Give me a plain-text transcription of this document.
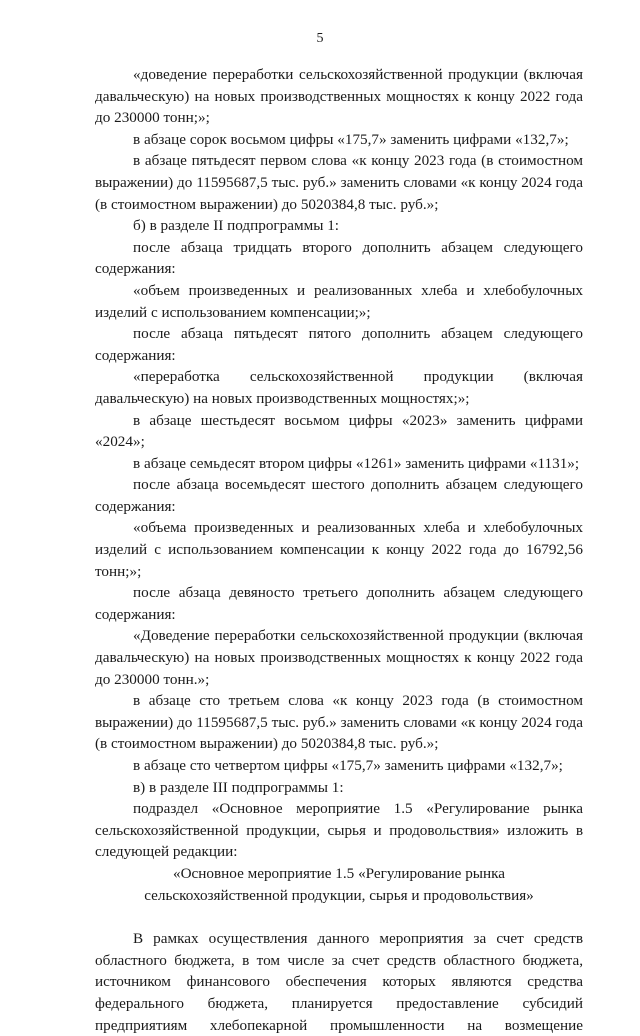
5

«доведение переработки сельскохозяйственной продукции (включая давальческую) на новых производственных мощностях к концу 2022 года до 230000 тонн;»;

в абзаце сорок восьмом цифры «175,7» заменить цифрами «132,7»;

в абзаце пятьдесят первом слова «к концу 2023 года (в стоимостном выражении) до 11595687,5 тыс. руб.» заменить словами «к концу 2024 года (в стоимостном выражении) до 5020384,8 тыс. руб.»;

б) в разделе II подпрограммы 1:

после абзаца тридцать второго дополнить абзацем следующего содержания:

«объем произведенных и реализованных хлеба и хлебобулочных изделий с использованием компенсации;»;

после абзаца пятьдесят пятого дополнить абзацем следующего содержания:

«переработка сельскохозяйственной продукции (включая давальческую) на новых производственных мощностях;»;

в абзаце шестьдесят восьмом цифры «2023» заменить цифрами «2024»;

в абзаце семьдесят втором цифры «1261» заменить цифрами «1131»;

после абзаца восемьдесят шестого дополнить абзацем следующего содержания:

«объема произведенных и реализованных хлеба и хлебобулочных изделий с использованием компенсации к концу 2022 года до 16792,56 тонн;»;

после абзаца девяносто третьего дополнить абзацем следующего содержания:

«Доведение переработки сельскохозяйственной продукции (включая давальческую) на новых производственных мощностях к концу 2022 года до 230000 тонн.»;

в абзаце сто третьем слова «к концу 2023 года (в стоимостном выражении) до 11595687,5 тыс. руб.» заменить словами «к концу 2024 года (в стоимостном выражении) до 5020384,8 тыс. руб.»;

в абзаце сто четвертом цифры «175,7» заменить цифрами «132,7»;

в) в разделе III подпрограммы 1:

подраздел «Основное мероприятие 1.5 «Регулирование рынка сельскохозяйственной продукции, сырья и продовольствия» изложить в следующей редакции:

«Основное мероприятие 1.5 «Регулирование рынка

сельскохозяйственной продукции, сырья и продовольствия»

В рамках осуществления данного мероприятия за счет средств областного бюджета, в том числе за счет средств областного бюджета, источником финансового обеспечения которых являются средства федерального бюджета, планируется предоставление субсидий предприятиям хлебопекарной промышленности на возмещение
